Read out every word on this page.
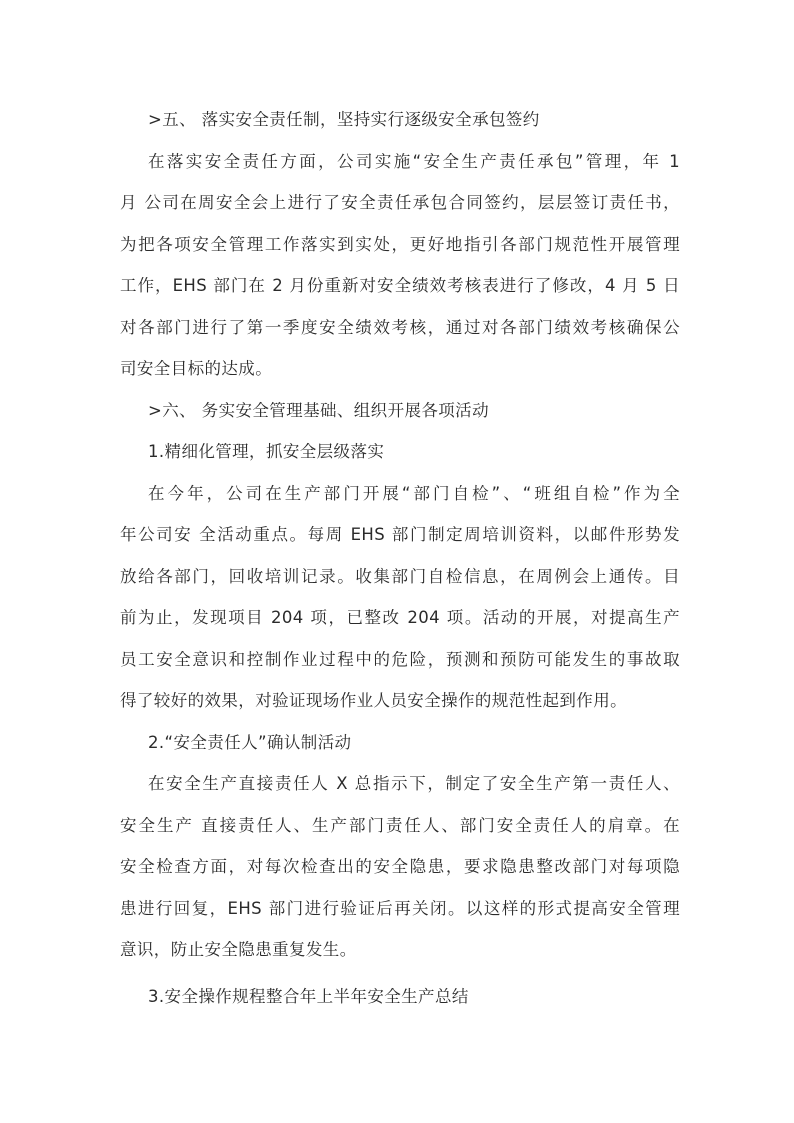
>五、 落实安全责任制，坚持实行逐级安全承包签约
在落实安全责任方面，公司实施“安全生产责任承包”管理，年 1
月 公司在周安全会上进行了安全责任承包合同签约，层层签订责任书，
为把各项安全管理工作落实到实处，更好地指引各部门规范性开展管理
工作，EHS 部门在 2 月份重新对安全绩效考核表进行了修改，4 月 5 日
对各部门进行了第一季度安全绩效考核，通过对各部门绩效考核确保公
司安全目标的达成。
>六、 务实安全管理基础、组织开展各项活动
1.精细化管理，抓安全层级落实
在今年，公司在生产部门开展“部门自检”、“班组自检”作为全
年公司安 全活动重点。每周 EHS 部门制定周培训资料，以邮件形势发
放给各部门，回收培训记录。收集部门自检信息，在周例会上通传。目
前为止，发现项目 204 项，已整改 204 项。活动的开展，对提高生产
员工安全意识和控制作业过程中的危险，预测和预防可能发生的事故取
得了较好的效果，对验证现场作业人员安全操作的规范性起到作用。
2.“安全责任人”确认制活动
在安全生产直接责任人 X 总指示下，制定了安全生产第一责任人、
安全生产 直接责任人、生产部门责任人、部门安全责任人的肩章。在
安全检查方面，对每次检查出的安全隐患，要求隐患整改部门对每项隐
患进行回复，EHS 部门进行验证后再关闭。以这样的形式提高安全管理
意识，防止安全隐患重复发生。
3.安全操作规程整合年上半年安全生产总结
